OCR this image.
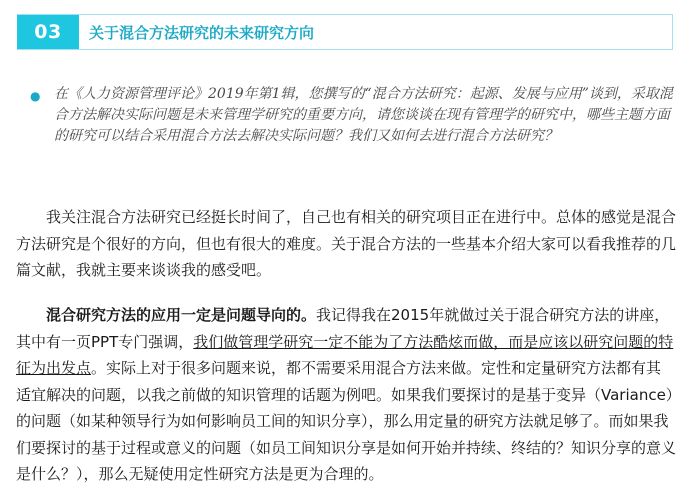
03	关于混合方法研究的未来研究方向
● 在《人力资源管理评论》2019年第1辑，您撰写的“混合方法研究：起源、发展与应用”谈到，采取混合方法解决实际问题是未来管理学研究的重要方向，请您谈谈在现有管理学的研究中，哪些主题方面的研究可以结合采用混合方法去解决实际问题？我们又如何去进行混合方法研究？

我关注混合方法研究已经挺长时间了，自己也有相关的研究项目正在进行中。总体的感觉是混合方法研究是个很好的方向，但也有很大的难度。关于混合方法的一些基本介绍大家可以看我推荐的几篇文献，我就主要来谈谈我的感受吧。

混合研究方法的应用一定是问题导向的。我记得我在2015年就做过关于混合研究方法的讲座，其中有一页PPT专门强调，我们做管理学研究一定不能为了方法酷炫而做，而是应该以研究问题的特征为出发点。实际上对于很多问题来说，都不需要采用混合方法来做。定性和定量研究方法都有其适宜解决的问题，以我之前做的知识管理的话题为例吧。如果我们要探讨的是基于变异（Variance）的问题（如某种领导行为如何影响员工间的知识分享），那么用定量的研究方法就足够了。而如果我们要探讨的基于过程或意义的问题（如员工间知识分享是如何开始并持续、终结的？知识分享的意义是什么？），那么无疑使用定性研究方法是更为合理的。
